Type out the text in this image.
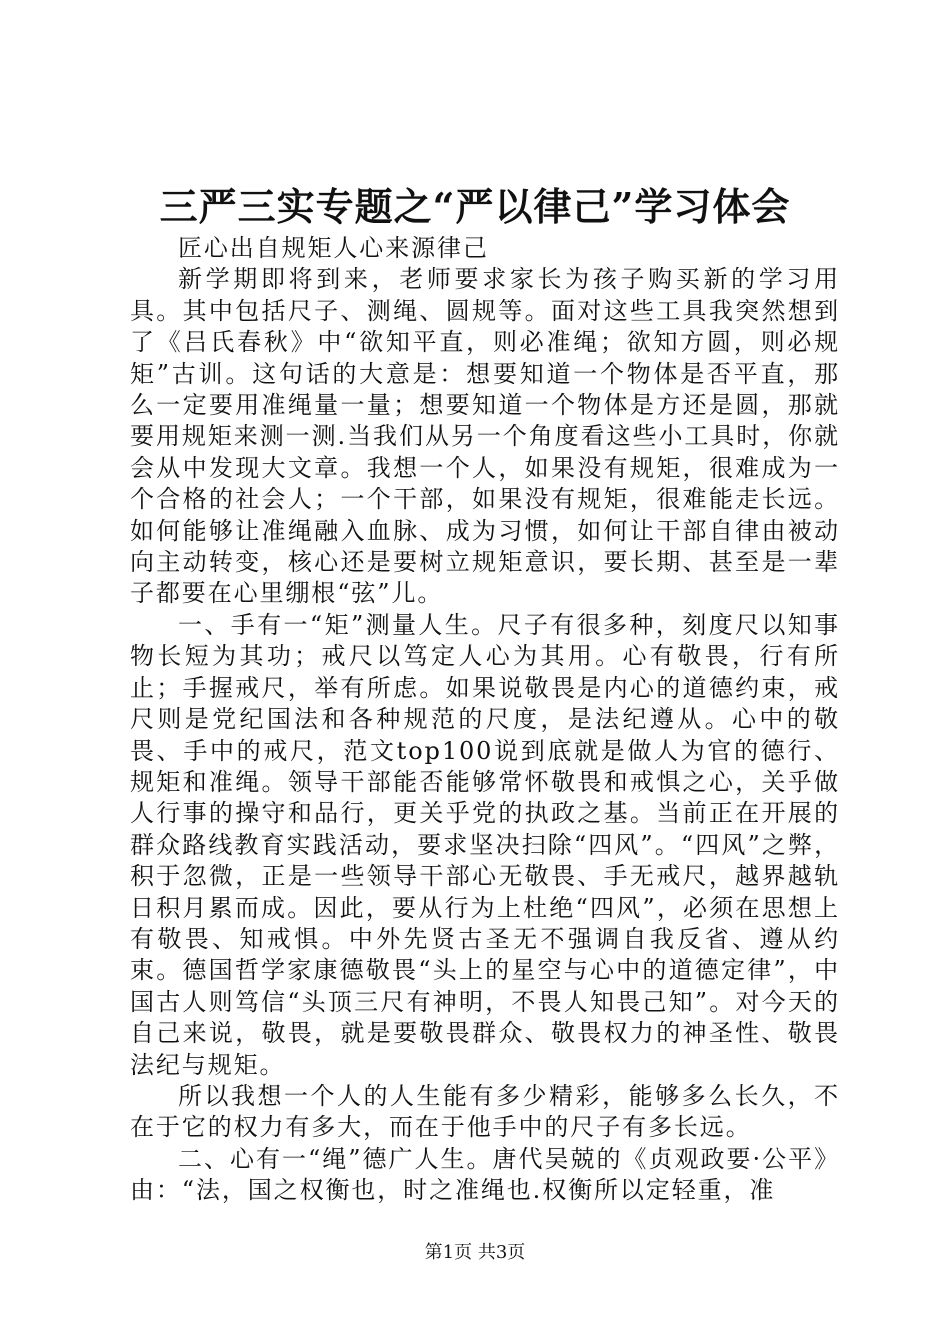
三严三实专题之“严以律己”学习体会

匠心出自规矩人心来源律己

新学期即将到来，老师要求家长为孩子购买新的学习用具。其中包括尺子、测绳、圆规等。面对这些工具我突然想到了《吕氏春秋》中“欲知平直，则必准绳；欲知方圆，则必规矩”古训。这句话的大意是：想要知道一个物体是否平直，那么一定要用准绳量一量；想要知道一个物体是方还是圆，那就要用规矩来测一测.当我们从另一个角度看这些小工具时，你就会从中发现大文章。我想一个人，如果没有规矩，很难成为一个合格的社会人；一个干部，如果没有规矩，很难能走长远。如何能够让准绳融入血脉、成为习惯，如何让干部自律由被动向主动转变，核心还是要树立规矩意识，要长期、甚至是一辈子都要在心里绷根“弦”儿。

一、手有一“矩”测量人生。尺子有很多种，刻度尺以知事物长短为其功；戒尺以笃定人心为其用。心有敬畏，行有所止；手握戒尺，举有所虑。如果说敬畏是内心的道德约束，戒尺则是党纪国法和各种规范的尺度，是法纪遵从。心中的敬畏、手中的戒尺，范文top100说到底就是做人为官的德行、规矩和准绳。领导干部能否能够常怀敬畏和戒惧之心，关乎做人行事的操守和品行，更关乎党的执政之基。当前正在开展的群众路线教育实践活动，要求坚决扫除“四风”。“四风”之弊，积于忽微，正是一些领导干部心无敬畏、手无戒尺，越界越轨日积月累而成。因此，要从行为上杜绝“四风”，必须在思想上有敬畏、知戒惧。中外先贤古圣无不强调自我反省、遵从约束。德国哲学家康德敬畏“头上的星空与心中的道德定律”，中国古人则笃信“头顶三尺有神明，不畏人知畏己知”。对今天的自己来说，敬畏，就是要敬畏群众、敬畏权力的神圣性、敬畏法纪与规矩。

所以我想一个人的人生能有多少精彩，能够多么长久，不在于它的权力有多大，而在于他手中的尺子有多长远。

二、心有一“绳”德广人生。唐代吴兢的《贞观政要·公平》由：“法，国之权衡也，时之准绳也.权衡所以定轻重，准

第1页 共3页
